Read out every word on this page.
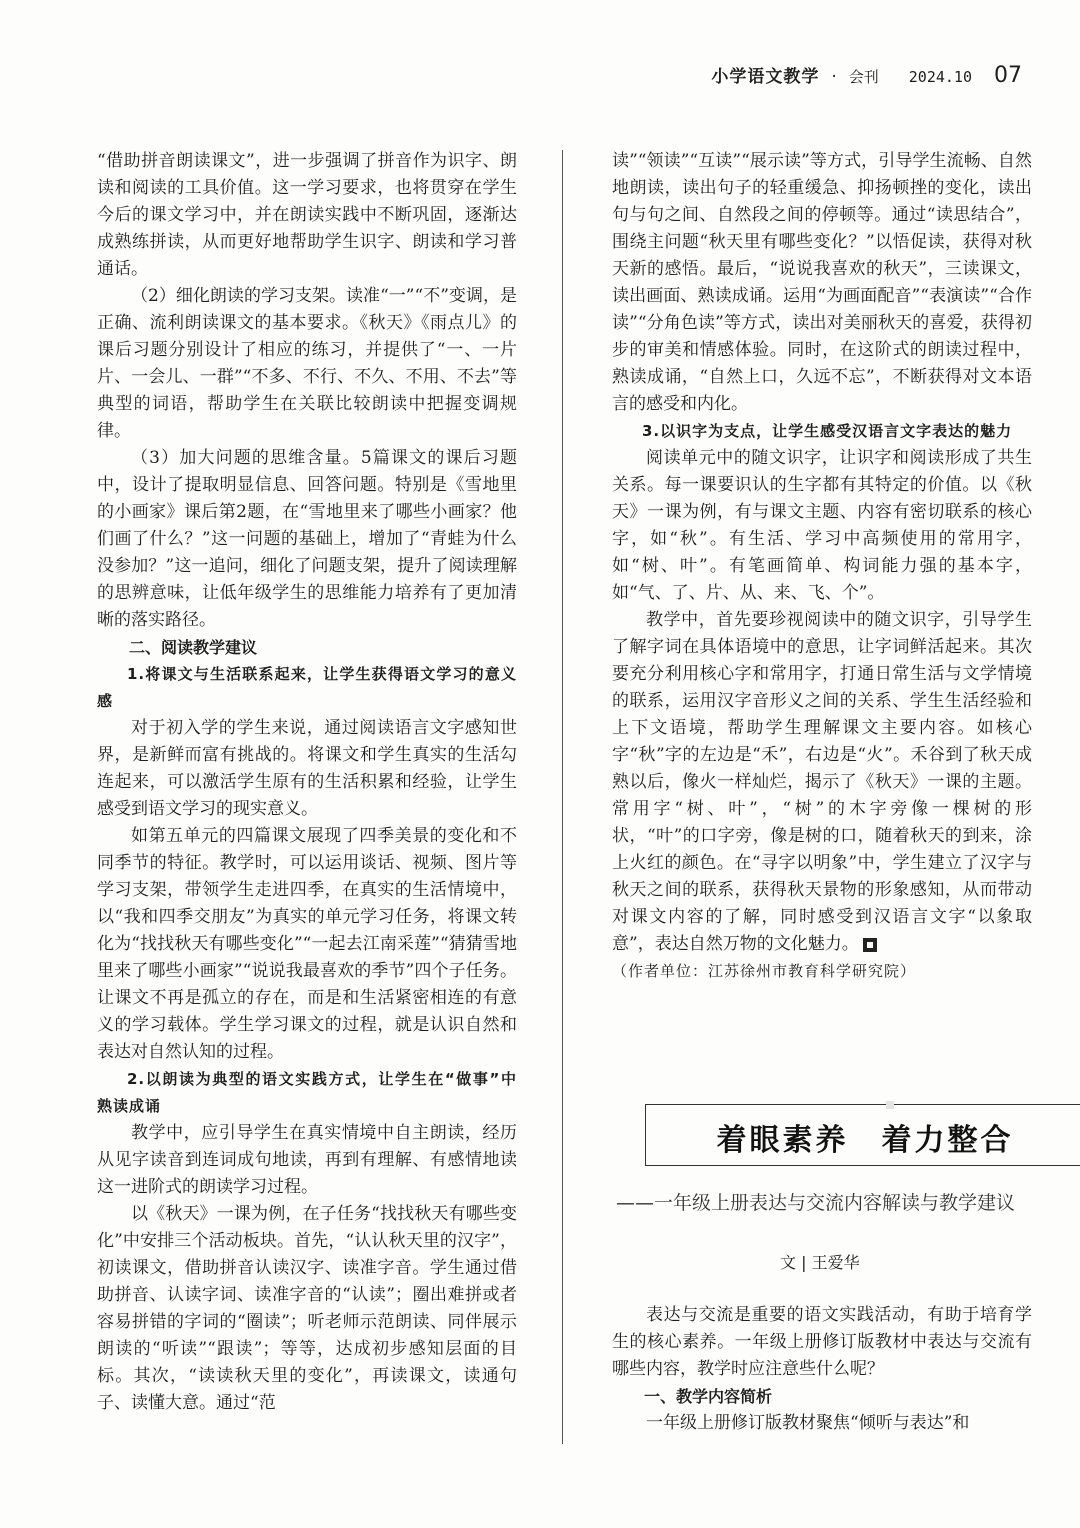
小学语文教学 · 会刊 2024.10 07

“借助拼音朗读课文”，进一步强调了拼音作为识字、朗读和阅读的工具价值。这一学习要求，也将贯穿在学生今后的课文学习中，并在朗读实践中不断巩固，逐渐达成熟练拼读，从而更好地帮助学生识字、朗读和学习普通话。

（2）细化朗读的学习支架。读准“一”“不”变调，是正确、流利朗读课文的基本要求。《秋天》《雨点儿》的课后习题分别设计了相应的练习，并提供了“一、一片片、一会儿、一群”“不多、不行、不久、不用、不去”等典型的词语，帮助学生在关联比较朗读中把握变调规律。

（3）加大问题的思维含量。5篇课文的课后习题中，设计了提取明显信息、回答问题。特别是《雪地里的小画家》课后第2题，在“雪地里来了哪些小画家？他们画了什么？”这一问题的基础上，增加了“青蛙为什么没参加？”这一追问，细化了问题支架，提升了阅读理解的思辨意味，让低年级学生的思维能力培养有了更加清晰的落实路径。

二、阅读教学建议

1.将课文与生活联系起来，让学生获得语文学习的意义感

对于初入学的学生来说，通过阅读语言文字感知世界，是新鲜而富有挑战的。将课文和学生真实的生活勾连起来，可以激活学生原有的生活积累和经验，让学生感受到语文学习的现实意义。

如第五单元的四篇课文展现了四季美景的变化和不同季节的特征。教学时，可以运用谈话、视频、图片等学习支架，带领学生走进四季，在真实的生活情境中，以“我和四季交朋友”为真实的单元学习任务，将课文转化为“找找秋天有哪些变化”“一起去江南采莲”“猜猜雪地里来了哪些小画家”“说说我最喜欢的季节”四个子任务。让课文不再是孤立的存在，而是和生活紧密相连的有意义的学习载体。学生学习课文的过程，就是认识自然和表达对自然认知的过程。

2.以朗读为典型的语文实践方式，让学生在“做事”中熟读成诵

教学中，应引导学生在真实情境中自主朗读，经历从见字读音到连词成句地读，再到有理解、有感情地读这一进阶式的朗读学习过程。

以《秋天》一课为例，在子任务“找找秋天有哪些变化”中安排三个活动板块。首先，“认认秋天里的汉字”，初读课文，借助拼音认读汉字、读准字音。学生通过借助拼音、认读字词、读准字音的“认读”；圈出难拼或者容易拼错的字词的“圈读”；听老师示范朗读、同伴展示朗读的“听读”“跟读”；等等，达成初步感知层面的目标。其次，“读读秋天里的变化”，再读课文，读通句子、读懂大意。通过“范

读”“领读”“互读”“展示读”等方式，引导学生流畅、自然地朗读，读出句子的轻重缓急、抑扬顿挫的变化，读出句与句之间、自然段之间的停顿等。通过“读思结合”，围绕主问题“秋天里有哪些变化？”以悟促读，获得对秋天新的感悟。最后，“说说我喜欢的秋天”，三读课文，读出画面、熟读成诵。运用“为画面配音”“表演读”“合作读”“分角色读”等方式，读出对美丽秋天的喜爱，获得初步的审美和情感体验。同时，在这阶式的朗读过程中，熟读成诵，“自然上口，久远不忘”，不断获得对文本语言的感受和内化。

3.以识字为支点，让学生感受汉语言文字表达的魅力

阅读单元中的随文识字，让识字和阅读形成了共生关系。每一课要识认的生字都有其特定的价值。以《秋天》一课为例，有与课文主题、内容有密切联系的核心字，如“秋”。有生活、学习中高频使用的常用字，如“树、叶”。有笔画简单、构词能力强的基本字，如“气、了、片、从、来、飞、个”。

教学中，首先要珍视阅读中的随文识字，引导学生了解字词在具体语境中的意思，让字词鲜活起来。其次要充分利用核心字和常用字，打通日常生活与文学情境的联系，运用汉字音形义之间的关系、学生生活经验和上下文语境，帮助学生理解课文主要内容。如核心字“秋”字的左边是“禾”，右边是“火”。禾谷到了秋天成熟以后，像火一样灿烂，揭示了《秋天》一课的主题。常用字“树、叶”，“树”的木字旁像一棵树的形状，“叶”的口字旁，像是树的口，随着秋天的到来，涂上火红的颜色。在“寻字以明象”中，学生建立了汉字与秋天之间的联系，获得秋天景物的形象感知，从而带动对课文内容的了解，同时感受到汉语言文字“以象取意”，表达自然万物的文化魅力。

（作者单位：江苏徐州市教育科学研究院）

着眼素养　着力整合
——一年级上册表达与交流内容解读与教学建议
文 | 王爱华

表达与交流是重要的语文实践活动，有助于培育学生的核心素养。一年级上册修订版教材中表达与交流有哪些内容，教学时应注意些什么呢？

一、教学内容简析

一年级上册修订版教材聚焦“倾听与表达”和
